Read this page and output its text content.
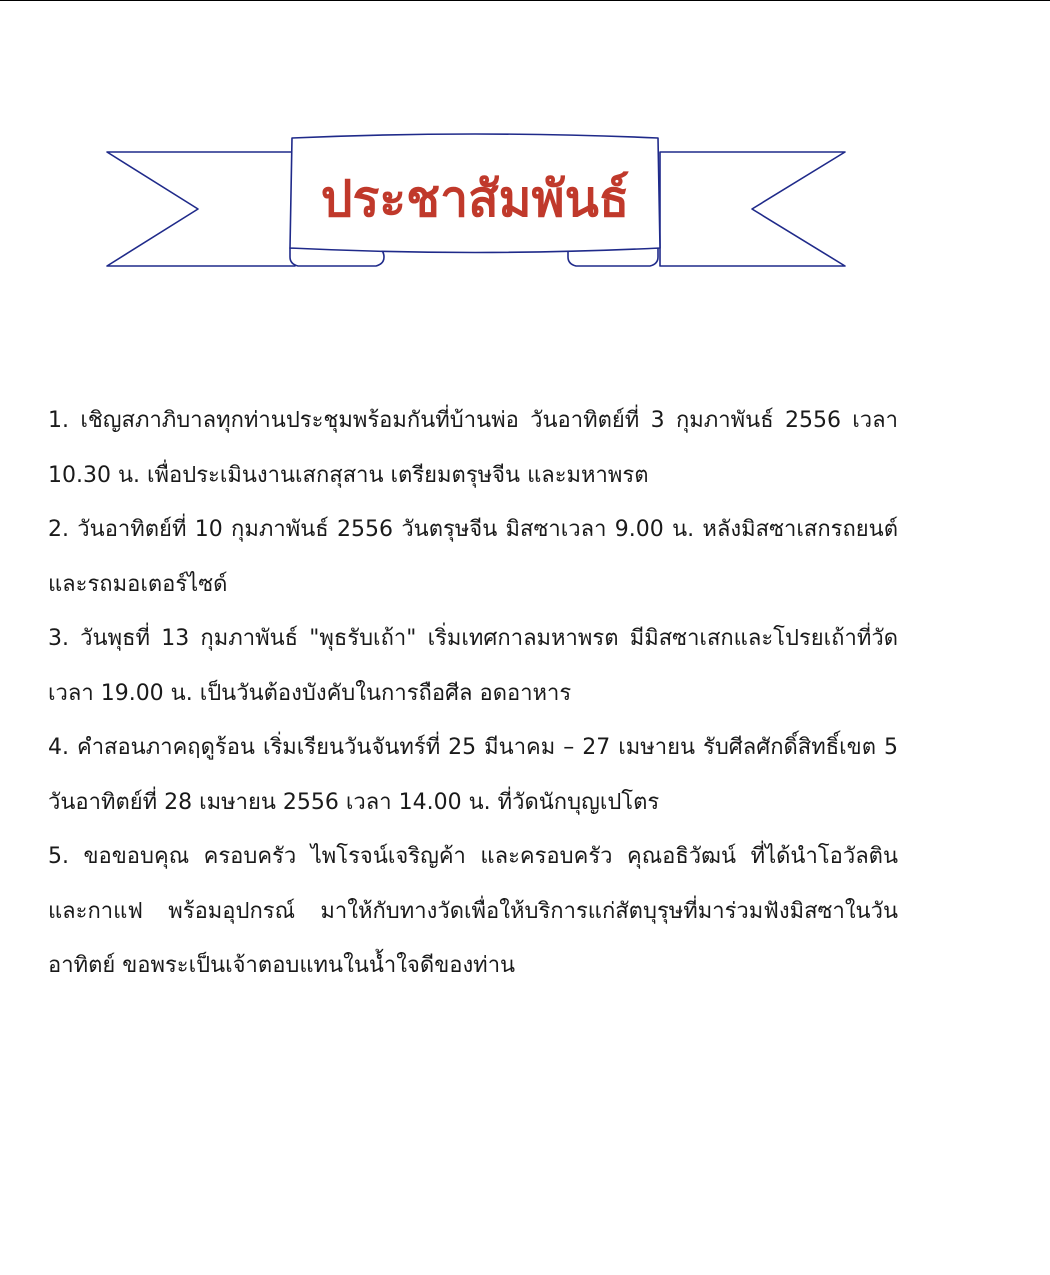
ประชาสัมพันธ์

1. เชิญสภาภิบาลทุกท่านประชุมพร้อมกันที่บ้านพ่อ วันอาทิตย์ที่ 3 กุมภาพันธ์ 2556 เวลา 10.30 น. เพื่อประเมินงานเสกสุสาน เตรียมตรุษจีน และมหาพรต

2. วันอาทิตย์ที่ 10 กุมภาพันธ์ 2556 วันตรุษจีน มิสซาเวลา 9.00 น. หลังมิสซาเสกรถยนต์ และรถมอเตอร์ไซด์

3. วันพุธที่ 13 กุมภาพันธ์ "พุธรับเถ้า" เริ่มเทศกาลมหาพรต มีมิสซาเสกและโปรยเถ้าที่วัด เวลา 19.00 น. เป็นวันต้องบังคับในการถือศีล อดอาหาร

4. คำสอนภาคฤดูร้อน เริ่มเรียนวันจันทร์ที่ 25 มีนาคม – 27 เมษายน รับศีลศักดิ์สิทธิ์เขต 5 วันอาทิตย์ที่ 28 เมษายน 2556 เวลา 14.00 น. ที่วัดนักบุญเปโตร

5. ขอขอบคุณ ครอบครัว ไพโรจน์เจริญค้า และครอบครัว คุณอธิวัฒน์ ที่ได้นำโอวัลติน และกาแฟ พร้อมอุปกรณ์ มาให้กับทางวัดเพื่อให้บริการแก่สัตบุรุษที่มาร่วมฟังมิสซาในวันอาทิตย์ ขอพระเป็นเจ้าตอบแทนในน้ำใจดีของท่าน
